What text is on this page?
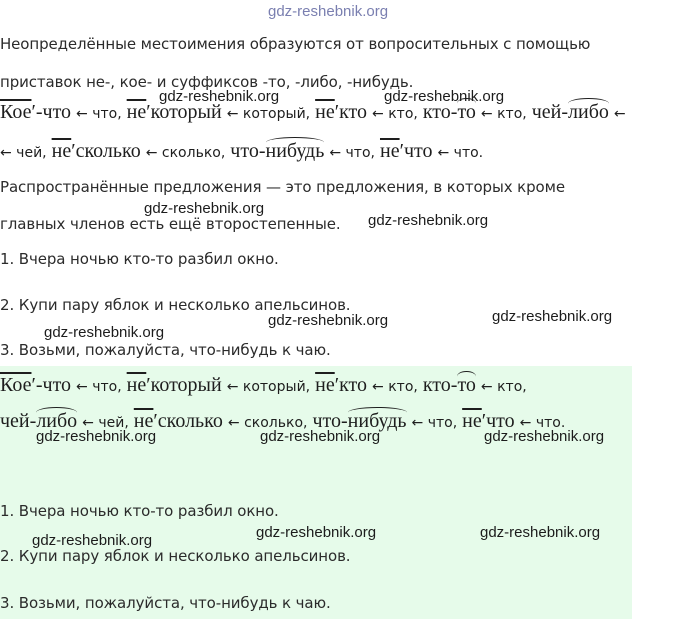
gdz-reshebnik.org
Неопределённые местоимения образуются от вопросительных с помощью
приставок не-, кое- и суффиксов -то, -либо, -нибудь.
Кое′-что ← что, не′который ← который, не′кто ← кто, кто-то ← кто, чей-либо ←
← чей, не′сколько ← сколько, что-нибудь ← что, не′что ← что.
Распространённые предложения — это предложения, в которых кроме
главных членов есть ещё второстепенные.
1. Вчера ночью кто-то разбил окно.
2. Купи пару яблок и несколько апельсинов.
3. Возьми, пожалуйста, что-нибудь к чаю.
Кое′-что ← что, не′который ← который, не′кто ← кто, кто-то ← кто,
чей-либо ← чей, не′сколько ← сколько, что-нибудь ← что, не′что ← что.
1. Вчера ночью кто-то разбил окно.
2. Купи пару яблок и несколько апельсинов.
3. Возьми, пожалуйста, что-нибудь к чаю.
gdz-reshebnik.org	gdz-reshebnik.org
gdz-reshebnik.org
gdz-reshebnik.org
gdz-reshebnik.org	gdz-reshebnik.org
gdz-reshebnik.org
gdz-reshebnik.org	gdz-reshebnik.org	gdz-reshebnik.org
gdz-reshebnik.org	gdz-reshebnik.org
gdz-reshebnik.org
